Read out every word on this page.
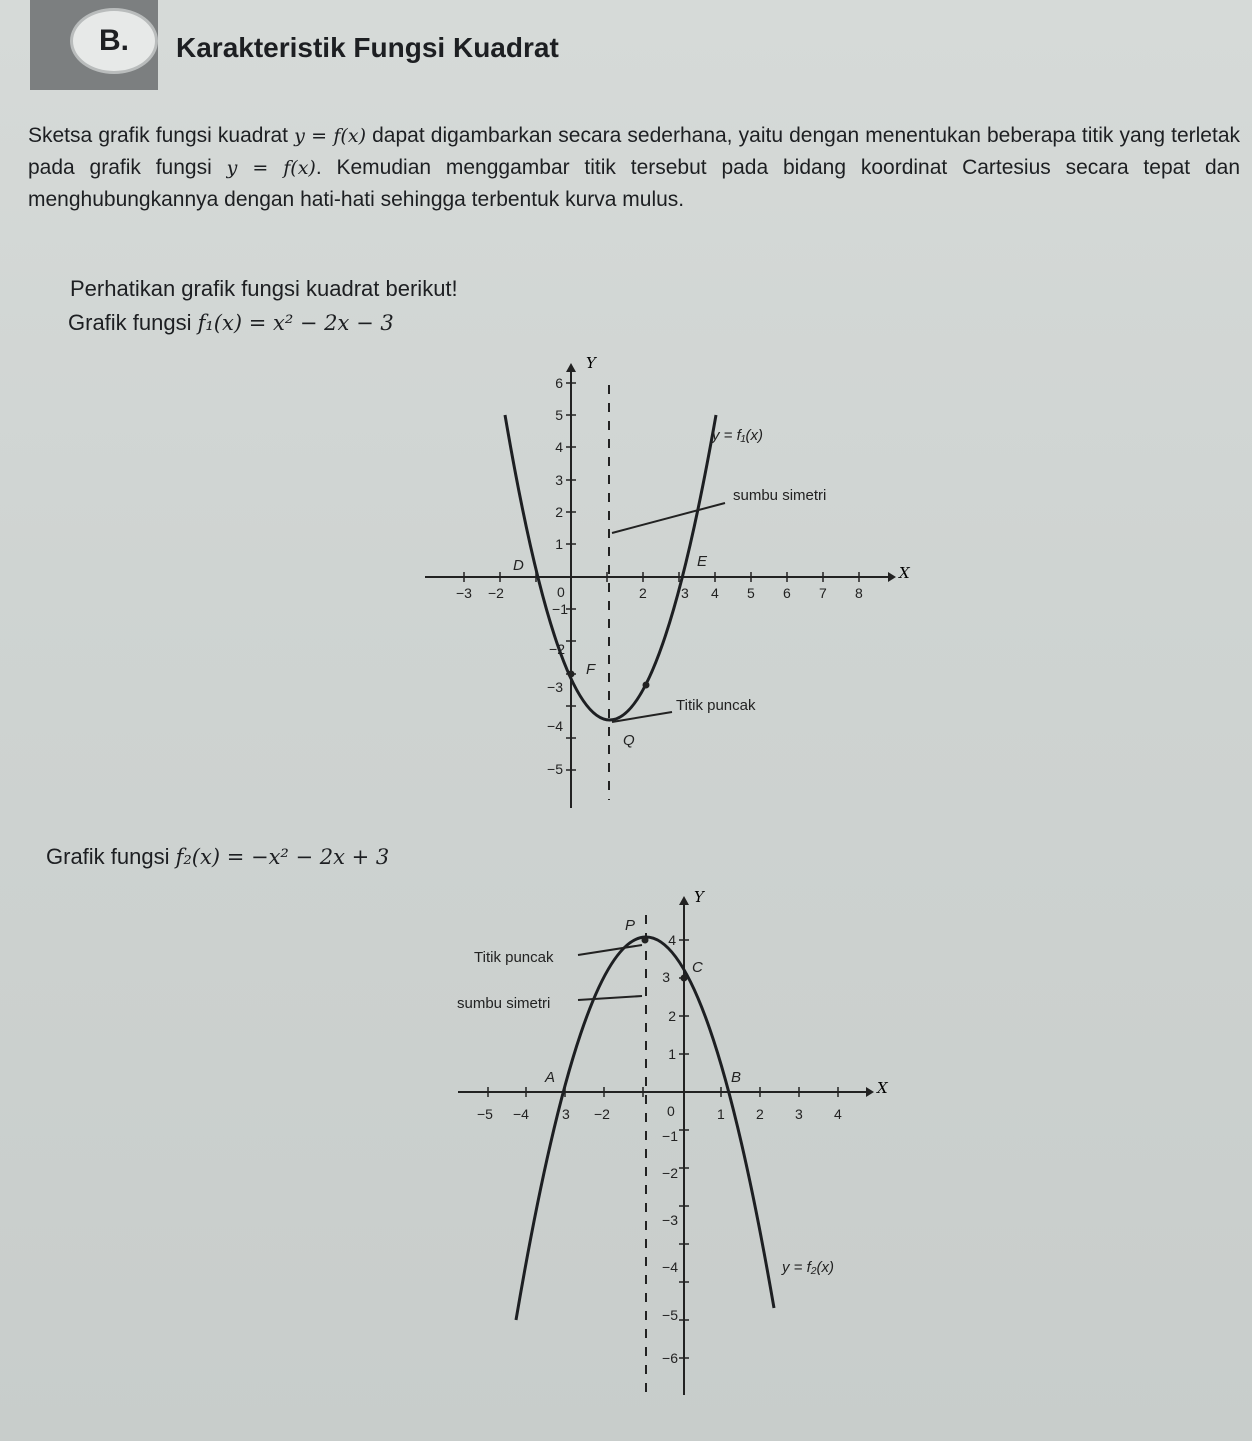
B. Karakteristik Fungsi Kuadrat

Sketsa grafik fungsi kuadrat y = f(x) dapat digambarkan secara sederhana, yaitu dengan menentukan beberapa titik yang terletak pada grafik fungsi y = f(x). Kemudian menggambar titik tersebut pada bidang koordinat Cartesius secara tepat dan menghubungkannya dengan hati-hati sehingga terbentuk kurva mulus.

Perhatikan grafik fungsi kuadrat berikut!
Grafik fungsi f₁(x) = x² − 2x − 3
X
Y
−3 −2	0	2 3 4 5 6 7 8
6
5
4
3
2
1
−1
−2
−3
−4
−5
D	E
F
Q
y = f₁(x)
sumbu simetri
Titik puncak
Grafik fungsi f₂(x) = −x² − 2x + 3
X
Y
−5 −4 3 −2	0	1 2 3 4
4
3
2
1
−1
−2
−3
−4
−5
−6
P
C
A	B
y = f₂(x)
Titik puncak
sumbu simetri
